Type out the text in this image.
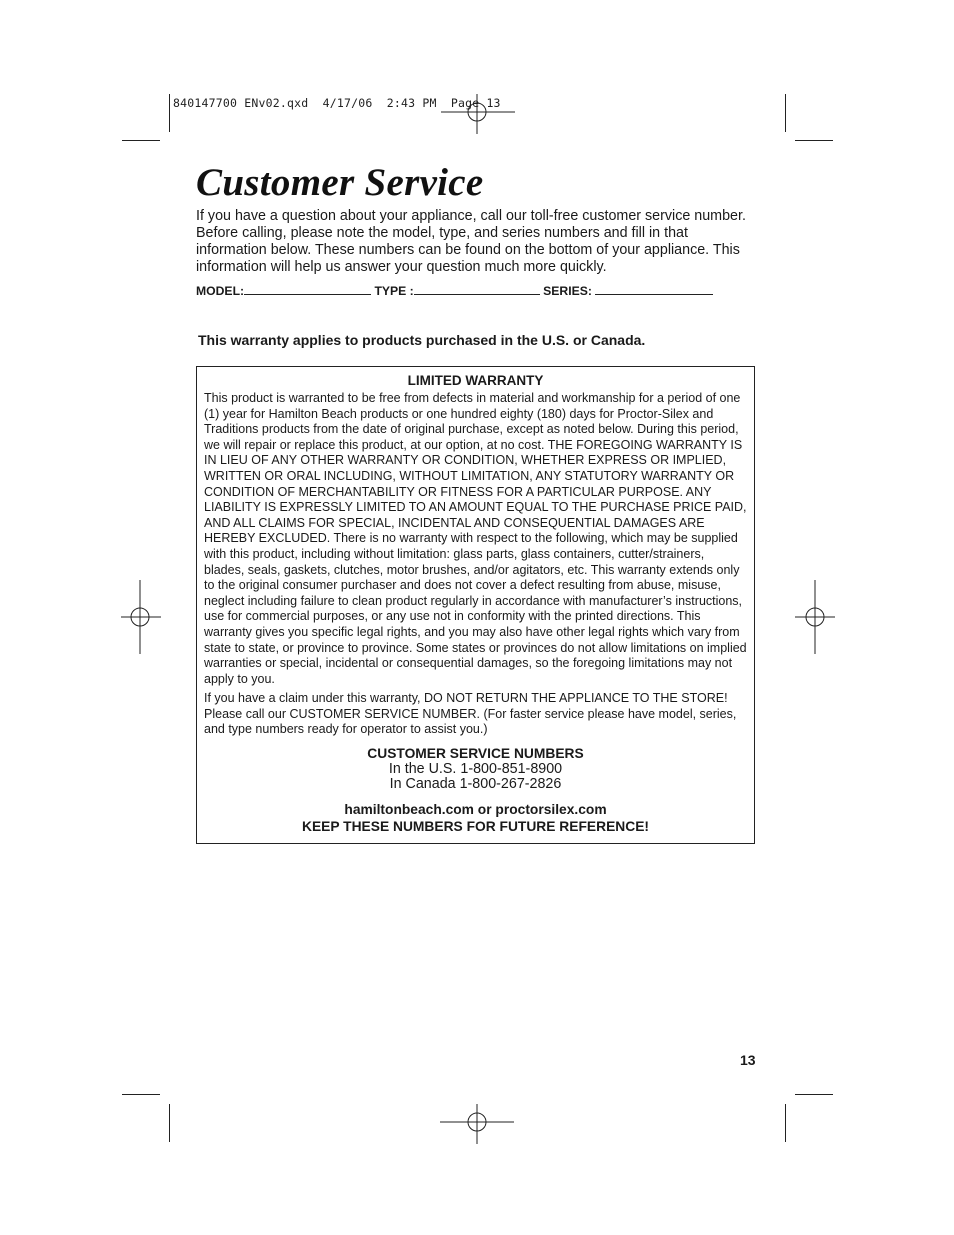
840147700 ENv02.qxd  4/17/06  2:43 PM  Page 13
Customer Service

If you have a question about your appliance, call our toll-free customer service number. Before calling, please note the model, type, and series numbers and fill in that information below. These numbers can be found on the bottom of your appliance. This information will help us answer your question much more quickly.

MODEL:	TYPE :	SERIES:

This warranty applies to products purchased in the U.S. or Canada.

LIMITED WARRANTY

This product is warranted to be free from defects in material and workmanship for a period of one (1) year for Hamilton Beach products or one hundred eighty (180) days for Proctor-Silex and Traditions products from the date of original purchase, except as noted below. During this period, we will repair or replace this product, at our option, at no cost. THE FOREGOING WARRANTY IS IN LIEU OF ANY OTHER WARRANTY OR CONDITION, WHETHER EXPRESS OR IMPLIED, WRITTEN OR ORAL INCLUDING, WITHOUT LIMITATION, ANY STATUTORY WARRANTY OR CONDITION OF MERCHANTABILITY OR FITNESS FOR A PARTICULAR PURPOSE. ANY LIABILITY IS EXPRESSLY LIMITED TO AN AMOUNT EQUAL TO THE PURCHASE PRICE PAID, AND ALL CLAIMS FOR SPECIAL, INCIDENTAL AND CONSEQUENTIAL DAMAGES ARE HEREBY EXCLUDED. There is no warranty with respect to the following, which may be supplied with this product, including without limitation: glass parts, glass containers, cutter/strainers, blades, seals, gaskets, clutches, motor brushes, and/or agitators, etc. This warranty extends only to the original consumer purchaser and does not cover a defect resulting from abuse, misuse, neglect including failure to clean product regularly in accordance with manufacturer’s instructions, use for commercial purposes, or any use not in conformity with the printed directions. This warranty gives you specific legal rights, and you may also have other legal rights which vary from state to state, or province to province. Some states or provinces do not allow limitations on implied warranties or special, incidental or consequential damages, so the foregoing limitations may not apply to you.

If you have a claim under this warranty, DO NOT RETURN THE APPLIANCE TO THE STORE! Please call our CUSTOMER SERVICE NUMBER. (For faster service please have model, series, and type numbers ready for operator to assist you.)

CUSTOMER SERVICE NUMBERS

In the U.S. 1-800-851-8900

In Canada 1-800-267-2826

hamiltonbeach.com or proctorsilex.com

KEEP THESE NUMBERS FOR FUTURE REFERENCE!

13
